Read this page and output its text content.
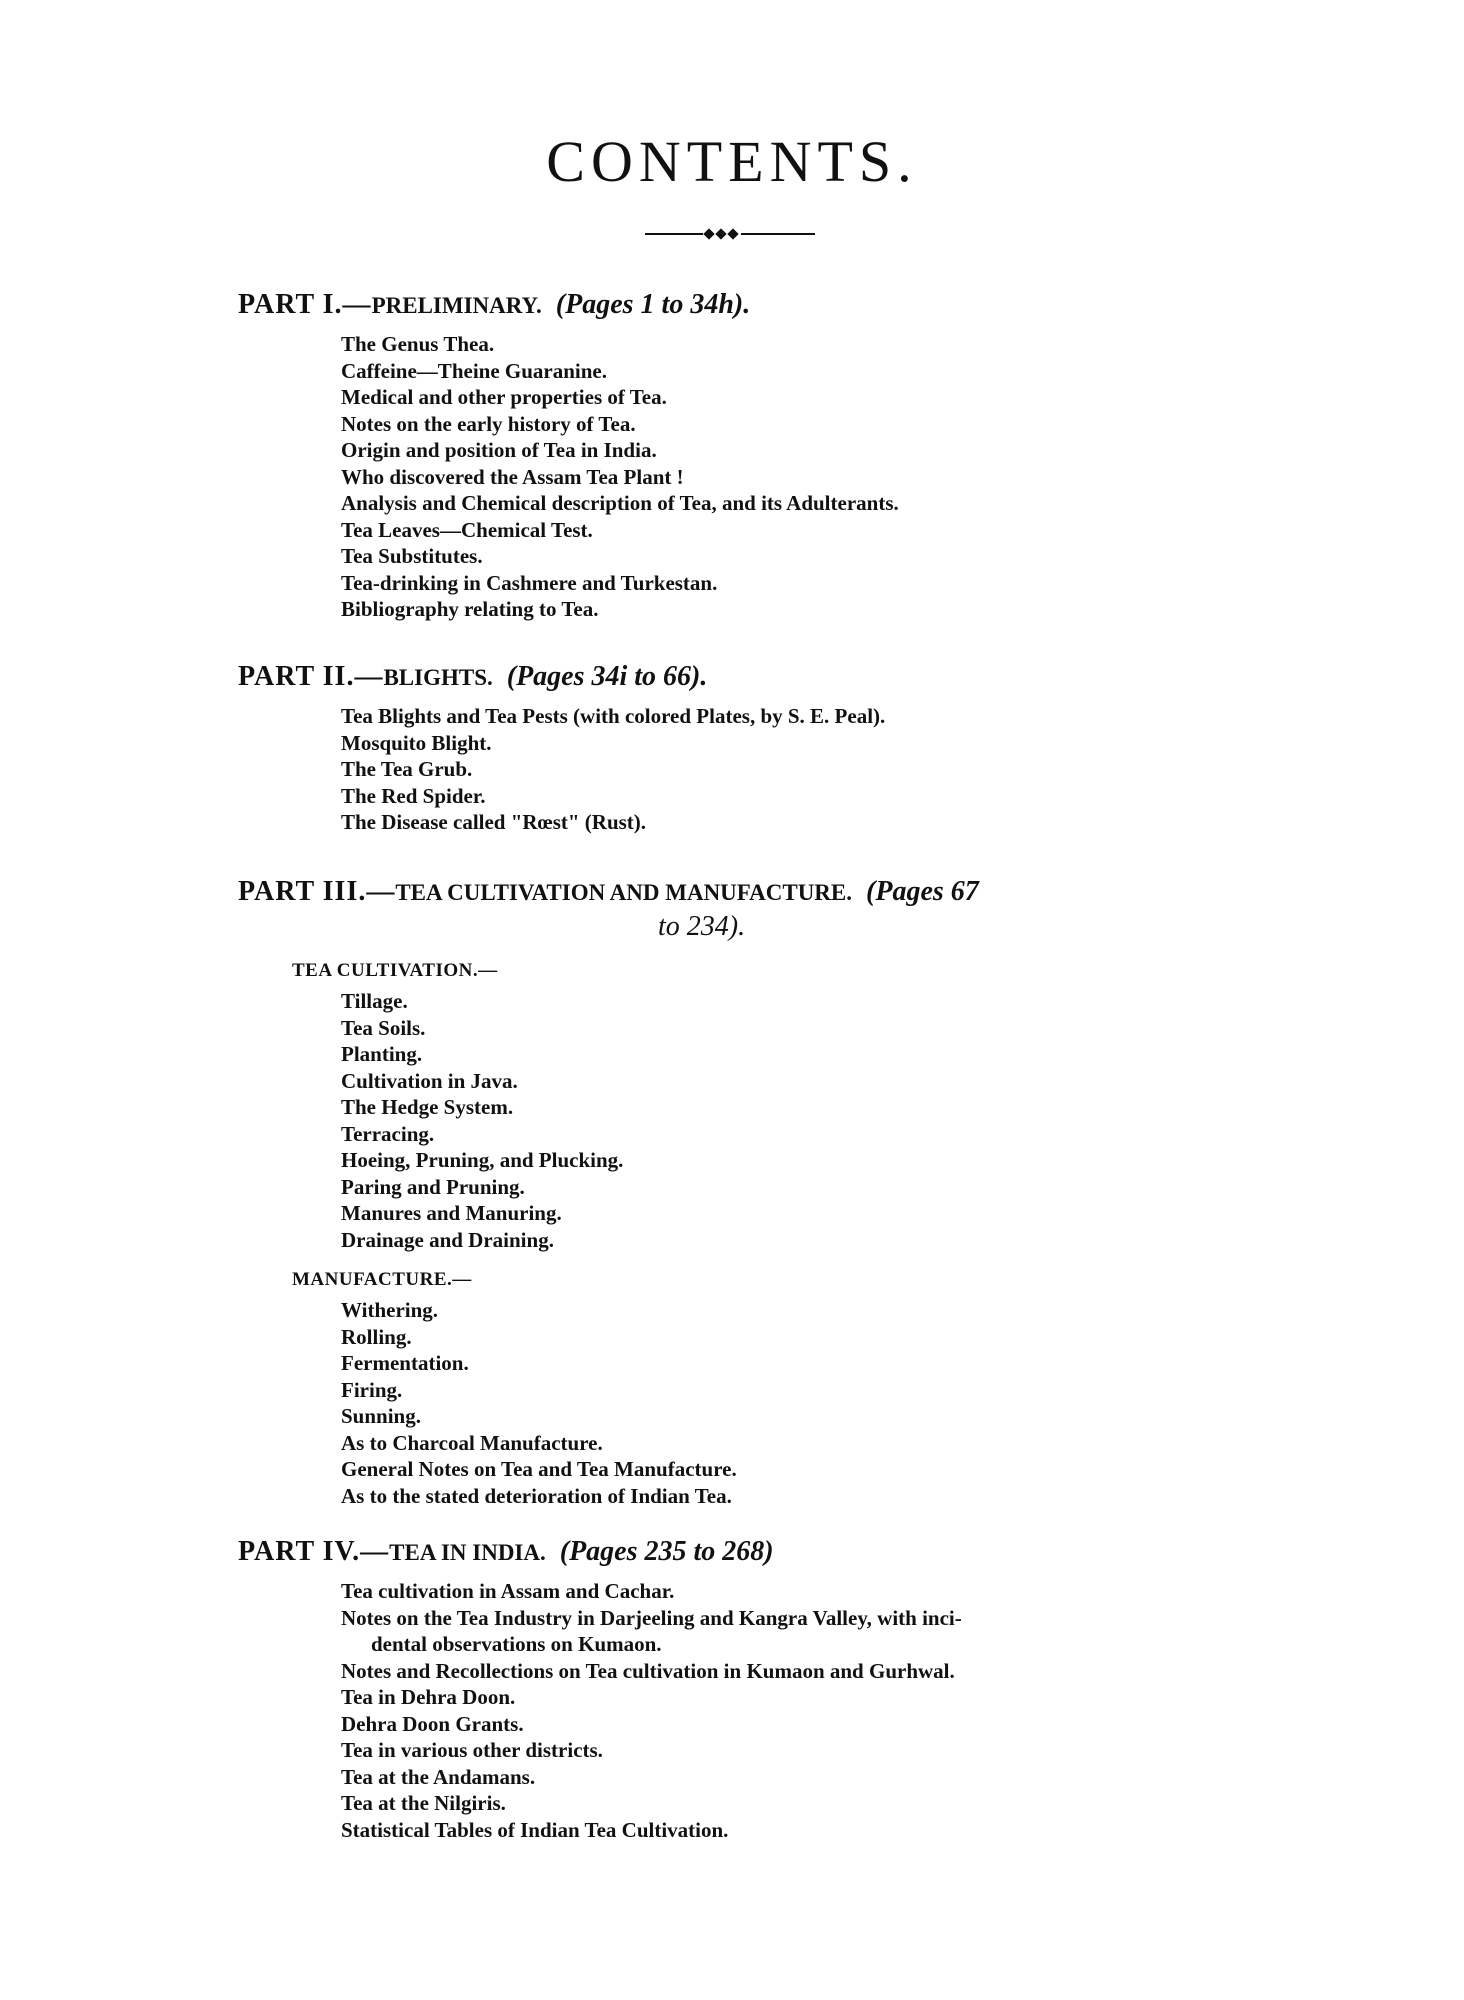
CONTENTS.
PART I.—PRELIMINARY. (Pages 1 to 34h).
The Genus Thea.
Caffeine—Theine Guaranine.
Medical and other properties of Tea.
Notes on the early history of Tea.
Origin and position of Tea in India.
Who discovered the Assam Tea Plant !
Analysis and Chemical description of Tea, and its Adulterants.
Tea Leaves—Chemical Test.
Tea Substitutes.
Tea-drinking in Cashmere and Turkestan.
Bibliography relating to Tea.
PART II.—BLIGHTS. (Pages 34i to 66).
Tea Blights and Tea Pests (with colored Plates, by S. E. Peal).
Mosquito Blight.
The Tea Grub.
The Red Spider.
The Disease called "Rœst" (Rust).
PART III.—TEA CULTIVATION AND MANUFACTURE. (Pages 67
to 234).
TEA CULTIVATION.—
Tillage.
Tea Soils.
Planting.
Cultivation in Java.
The Hedge System.
Terracing.
Hoeing, Pruning, and Plucking.
Paring and Pruning.
Manures and Manuring.
Drainage and Draining.
MANUFACTURE.—
Withering.
Rolling.
Fermentation.
Firing.
Sunning.
As to Charcoal Manufacture.
General Notes on Tea and Tea Manufacture.
As to the stated deterioration of Indian Tea.
PART IV.—TEA IN INDIA. (Pages 235 to 268)
Tea cultivation in Assam and Cachar.
Notes on the Tea Industry in Darjeeling and Kangra Valley, with inci-
dental observations on Kumaon.
Notes and Recollections on Tea cultivation in Kumaon and Gurhwal.
Tea in Dehra Doon.
Dehra Doon Grants.
Tea in various other districts.
Tea at the Andamans.
Tea at the Nilgiris.
Statistical Tables of Indian Tea Cultivation.
